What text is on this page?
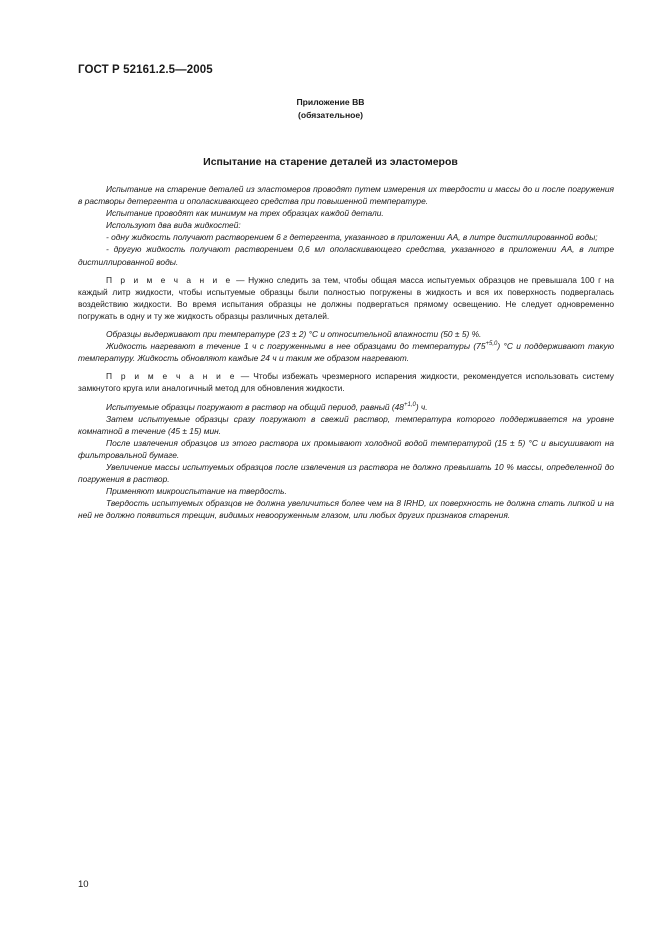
ГОСТ Р 52161.2.5—2005
Приложение ВВ
(обязательное)
Испытание на старение деталей из эластомеров

Испытание на старение деталей из эластомеров проводят путем измерения их твердости и массы до и после погружения в растворы детергента и ополаскивающего средства при повышенной температуре.

Испытание проводят как минимум на трех образцах каждой детали.

Используют два вида жидкостей:

- одну жидкость получают растворением 6 г детергента, указанного в приложении АА, в литре дистиллированной воды;

- другую жидкость получают растворением 0,6 мл ополаскивающего средства, указанного в приложении АА, в литре дистиллированной воды.

П р и м е ч а н и е — Нужно следить за тем, чтобы общая масса испытуемых образцов не превышала 100 г на каждый литр жидкости, чтобы испытуемые образцы были полностью погружены в жидкость и вся их поверхность подвергалась воздействию жидкости. Во время испытания образцы не должны подвергаться прямому освещению. Не следует одновременно погружать в одну и ту же жидкость образцы различных деталей.

Образцы выдерживают при температуре (23 ± 2) °С и относительной влажности (50 ± 5) %.

Жидкость нагревают в течение 1 ч с погруженными в нее образцами до температуры $(75^{+5,0})$ °С и поддерживают такую температуру. Жидкость обновляют каждые 24 ч и таким же образом нагревают.

П р и м е ч а н и е — Чтобы избежать чрезмерного испарения жидкости, рекомендуется использовать систему замкнутого круга или аналогичный метод для обновления жидкости.

Испытуемые образцы погружают в раствор на общий период, равный $(48^{+1,0})$ ч.

Затем испытуемые образцы сразу погружают в свежий раствор, температура которого поддерживается на уровне комнатной в течение (45 ± 15) мин.

После извлечения образцов из этого раствора их промывают холодной водой температурой (15 ± 5) °С и высушивают на фильтровальной бумаге.

Увеличение массы испытуемых образцов после извлечения из раствора не должно превышать 10 % массы, определенной до погружения в раствор.

Применяют микроиспытание на твердость.

Твердость испытуемых образцов не должна увеличиться более чем на 8 IRHD, их поверхность не должна стать липкой и на ней не должно появиться трещин, видимых невооруженным глазом, или любых других признаков старения.

10
